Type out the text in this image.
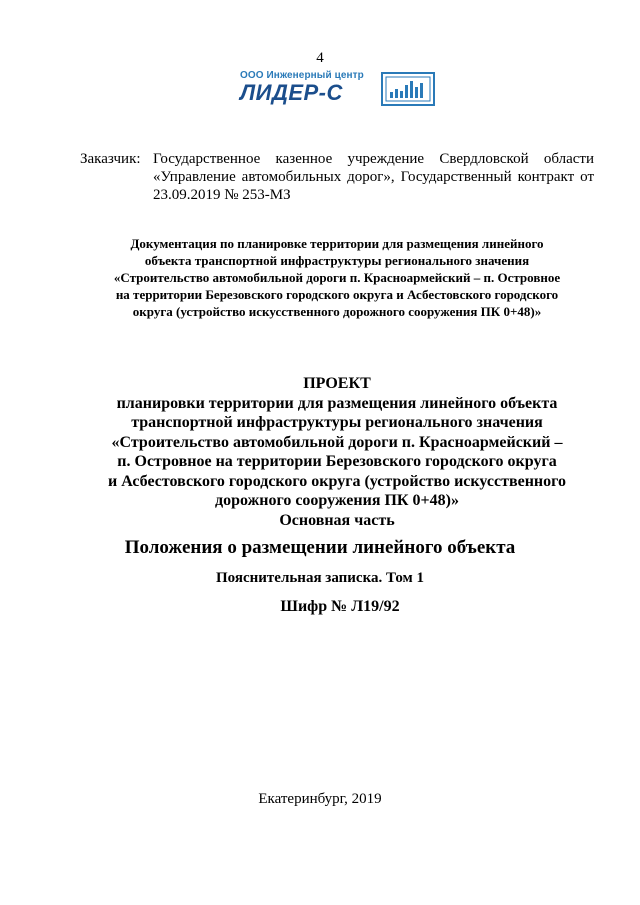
4
ООО Инженерный центр
ЛИДЕР-С
Заказчик: Государственное казенное учреждение Свердловской области «Управление автомобильных дорог», Государственный контракт от 23.09.2019 № 253-МЗ
Документация по планировке территории для размещения линейного
объекта транспортной инфраструктуры регионального значения
«Строительство автомобильной дороги п. Красноармейский – п. Островное
на территории Березовского городского округа и Асбестовского городского
округа (устройство искусственного дорожного сооружения ПК 0+48)»
ПРОЕКТ
планировки территории для размещения линейного объекта
транспортной инфраструктуры регионального значения
«Строительство автомобильной дороги п. Красноармейский –
п. Островное на территории Березовского городского округа
и Асбестовского городского округа (устройство искусственного
дорожного сооружения ПК 0+48)»
Основная часть
Положения о размещении линейного объекта
Пояснительная записка. Том 1
Шифр № Л19/92
Екатеринбург, 2019
